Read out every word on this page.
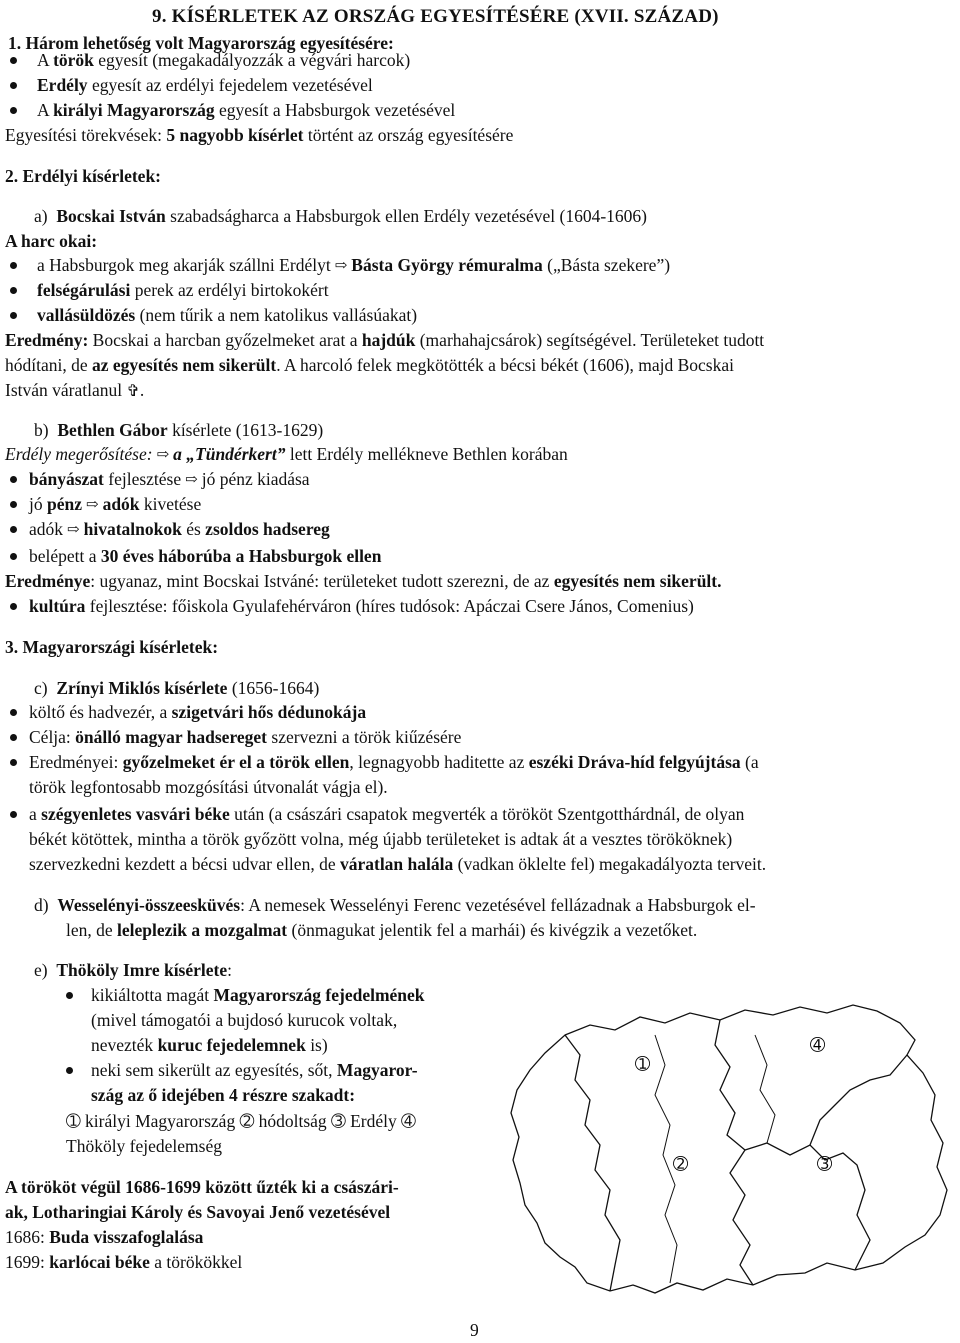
9. KÍSÉRLETEK AZ ORSZÁG EGYESÍTÉSÉRE (XVII. SZÁZAD)
1. Három lehetőség volt Magyarország egyesítésére:
A török egyesít (megakadályozzák a végvári harcok)
Erdély egyesít az erdélyi fejedelem vezetésével
A királyi Magyarország egyesít a Habsburgok vezetésével
Egyesítési törekvések: 5 nagyobb kísérlet történt az ország egyesítésére
2. Erdélyi kísérletek:
a) Bocskai István szabadságharca a Habsburgok ellen Erdély vezetésével (1604-1606)
A harc okai:
a Habsburgok meg akarják szállni Erdélyt ⇨ Básta György rémuralma („Básta szekere”)
felségárulási perek az erdélyi birtokokért
vallásüldözés (nem tűrik a nem katolikus vallásúakat)
Eredmény: Bocskai a harcban győzelmeket arat a hajdúk (marhahajcsárok) segítségével. Területeket tudott
hódítani, de az egyesítés nem sikerült. A harcoló felek megkötötték a bécsi békét (1606), majd Bocskai
István váratlanul ✞.
b) Bethlen Gábor kísérlete (1613-1629)
Erdély megerősítése: ⇨ a „Tündérkert” lett Erdély mellékneve Bethlen korában
bányászat fejlesztése ⇨ jó pénz kiadása
jó pénz ⇨ adók kivetése
adók ⇨ hivatalnokok és zsoldos hadsereg
belépett a 30 éves háborúba a Habsburgok ellen
Eredménye: ugyanaz, mint Bocskai Istváné: területeket tudott szerezni, de az egyesítés nem sikerült.
kultúra fejlesztése: főiskola Gyulafehérváron (híres tudósok: Apáczai Csere János, Comenius)
3. Magyarországi kísérletek:
c) Zrínyi Miklós kísérlete (1656-1664)
költő és hadvezér, a szigetvári hős dédunokája
Célja: önálló magyar hadsereget szervezni a török kiűzésére
Eredményei: győzelmeket ér el a török ellen, legnagyobb haditette az eszéki Dráva-híd felgyújtása (a
török legfontosabb mozgósítási útvonalát vágja el).
a szégyenletes vasvári béke után (a császári csapatok megverték a törököt Szentgotthárdnál, de olyan
békét kötöttek, mintha a török győzött volna, még újabb területeket is adtak át a vesztes törököknek)
szervezkedni kezdett a bécsi udvar ellen, de váratlan halála (vadkan öklelte fel) megakadályozta terveit.
d) Wesselényi-összeesküvés: A nemesek Wesselényi Ferenc vezetésével fellázadnak a Habsburgok el-
len, de leleplezik a mozgalmat (önmagukat jelentik fel a marhái) és kivégzik a vezetőket.
e) Thököly Imre kísérlete:
kikiáltotta magát Magyarország fejedelmének
(mivel támogatói a bujdosó kurucok voltak,
nevezték kuruc fejedelemnek is)
neki sem sikerült az egyesítés, sőt, Magyaror-
szág az ő idejében 4 részre szakadt:
➀ királyi Magyarország ➁ hódoltság ➂ Erdély ➃
Thököly fejedelemség
A törököt végül 1686-1699 között űzték ki a császári-
ak, Lotharingiai Károly és Savoyai Jenő vezetésével
1686: Buda visszafoglalása
1699: karlócai béke a törökökkel
➀
➁	➂
➃
9
